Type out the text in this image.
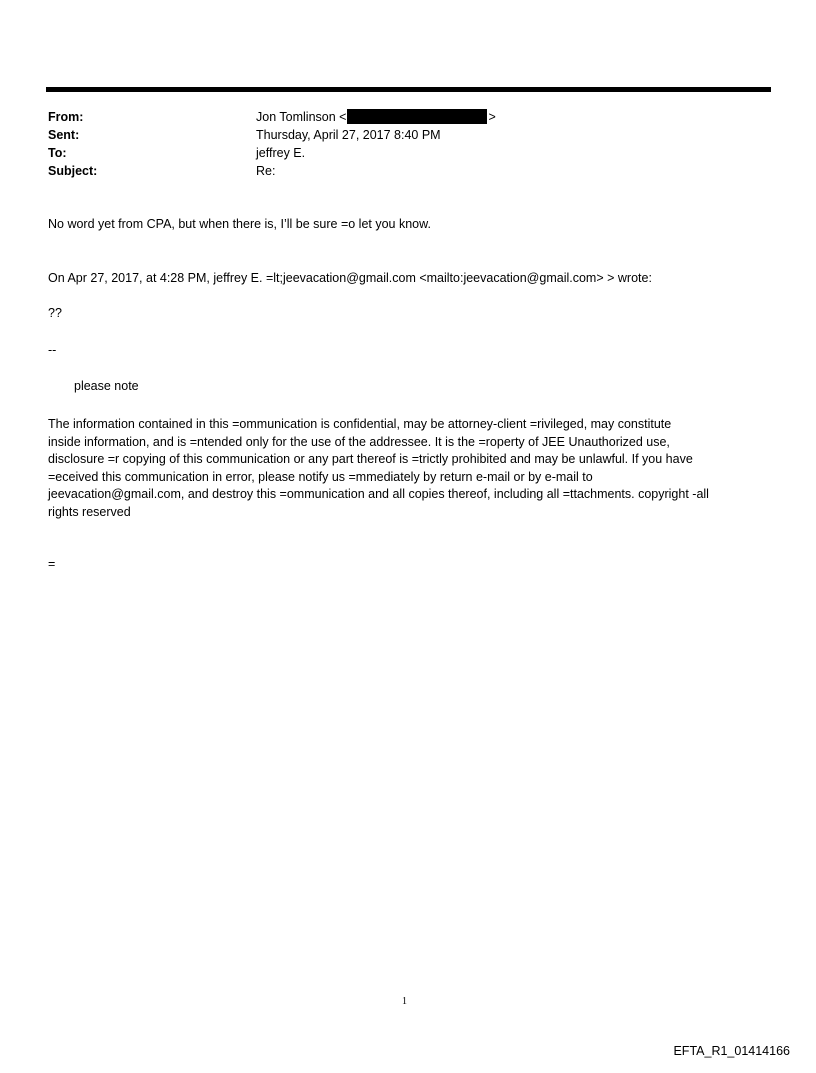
From:	Jon Tomlinson <	>
Sent:	Thursday, April 27, 2017 8:40 PM
To:	jeffrey E.
Subject:	Re:
No word yet from CPA, but when there is, I’ll be sure =o let you know.
On Apr 27, 2017, at 4:28 PM, jeffrey E. =lt;jeevacation@gmail.com <mailto:jeevacation@gmail.com> > wrote:
??
--
please note
The information contained in this =ommunication is confidential, may be attorney-client =rivileged, may constitute
inside information, and is =ntended only for the use of the addressee. It is the =roperty of JEE Unauthorized use,
disclosure =r copying of this communication or any part thereof is =trictly prohibited and may be unlawful. If you have
=eceived this communication in error, please notify us =mmediately by return e-mail or by e-mail to
jeevacation@gmail.com, and destroy this =ommunication and all copies thereof, including all =ttachments. copyright -all
rights reserved
=
1
EFTA_R1_01414166
